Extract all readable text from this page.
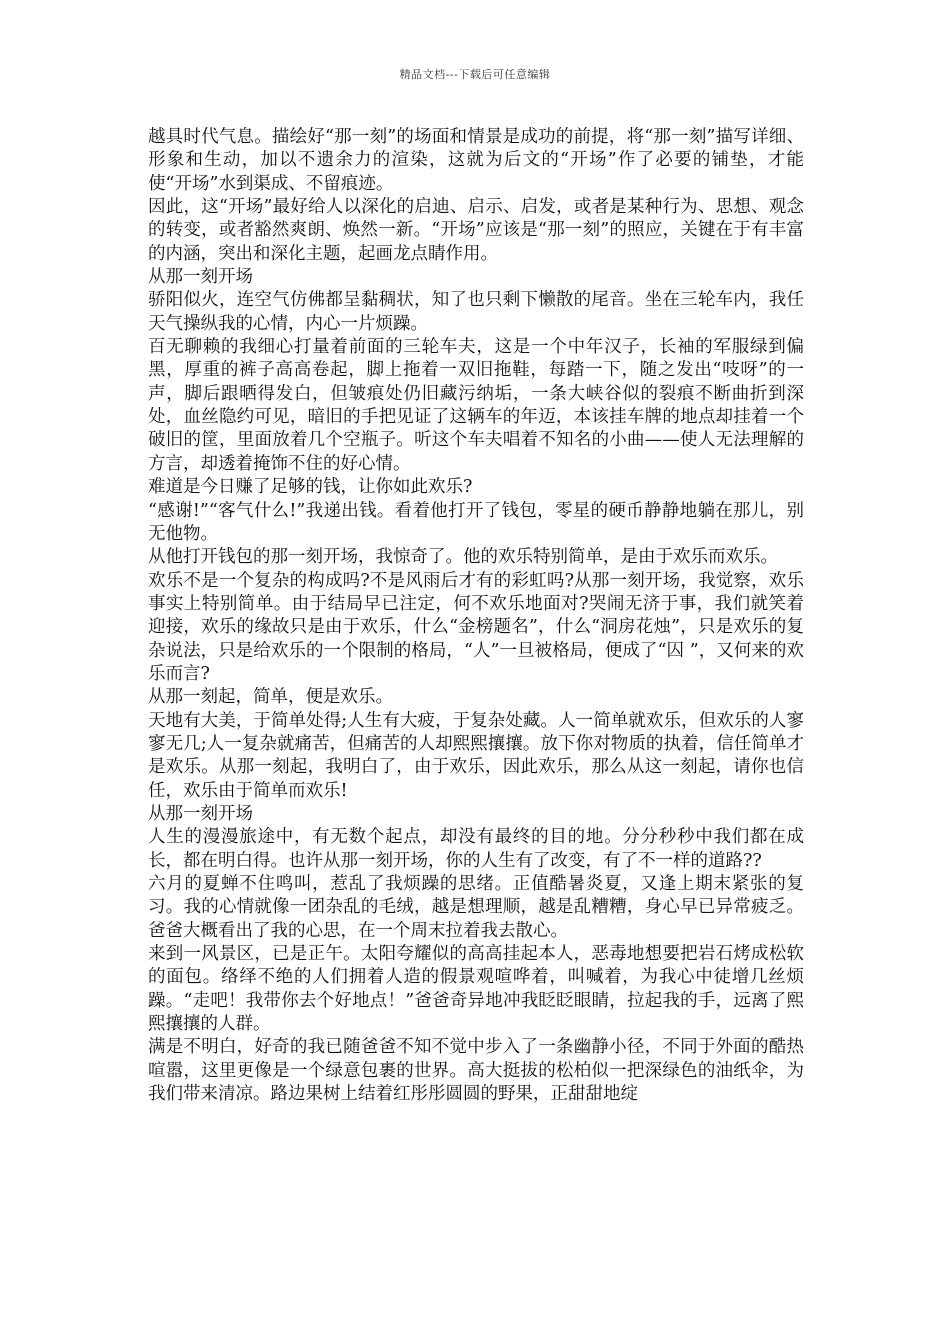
精品文档---下载后可任意编辑

越具时代气息。描绘好“那一刻”的场面和情景是成功的前提，将“那一刻”描写详细、形象和生动，加以不遗余力的渲染，这就为后文的“开场”作了必要的铺垫，才能使“开场”水到渠成、不留痕迹。

因此，这“开场”最好给人以深化的启迪、启示、启发，或者是某种行为、思想、观念的转变，或者豁然爽朗、焕然一新。“开场”应该是“那一刻”的照应，关键在于有丰富的内涵，突出和深化主题，起画龙点睛作用。

从那一刻开场

骄阳似火，连空气仿佛都呈黏稠状，知了也只剩下懒散的尾音。坐在三轮车内，我任天气操纵我的心情，内心一片烦躁。

百无聊赖的我细心打量着前面的三轮车夫，这是一个中年汉子，长袖的军服绿到偏黑，厚重的裤子高高卷起，脚上拖着一双旧拖鞋，每踏一下，随之发出“吱呀”的一声，脚后跟晒得发白，但皱痕处仍旧藏污纳垢，一条大峡谷似的裂痕不断曲折到深处，血丝隐约可见，暗旧的手把见证了这辆车的年迈，本该挂车牌的地点却挂着一个破旧的筐，里面放着几个空瓶子。听这个车夫唱着不知名的小曲——使人无法理解的方言，却透着掩饰不住的好心情。

难道是今日赚了足够的钱，让你如此欢乐?

“感谢!”“客气什么!”我递出钱。看着他打开了钱包，零星的硬币静静地躺在那儿，别无他物。

从他打开钱包的那一刻开场，我惊奇了。他的欢乐特别简单，是由于欢乐而欢乐。

欢乐不是一个复杂的构成吗?不是风雨后才有的彩虹吗?从那一刻开场，我觉察，欢乐事实上特别简单。由于结局早已注定，何不欢乐地面对?哭闹无济于事，我们就笑着迎接，欢乐的缘故只是由于欢乐，什么“金榜题名”，什么“洞房花烛”，只是欢乐的复杂说法，只是给欢乐的一个限制的格局，“人”一旦被格局，便成了“囚 ”，又何来的欢乐而言?

从那一刻起，简单，便是欢乐。

天地有大美，于简单处得;人生有大疲，于复杂处藏。人一简单就欢乐，但欢乐的人寥寥无几;人一复杂就痛苦，但痛苦的人却熙熙攘攘。放下你对物质的执着，信任简单才是欢乐。从那一刻起，我明白了，由于欢乐，因此欢乐，那么从这一刻起，请你也信任，欢乐由于简单而欢乐!

从那一刻开场

人生的漫漫旅途中，有无数个起点，却没有最终的目的地。分分秒秒中我们都在成长，都在明白得。也许从那一刻开场，你的人生有了改变，有了不一样的道路??

六月的夏蝉不住鸣叫，惹乱了我烦躁的思绪。正值酷暑炎夏，又逢上期末紧张的复习。我的心情就像一团杂乱的毛绒，越是想理顺，越是乱糟糟，身心早已异常疲乏。爸爸大概看出了我的心思，在一个周末拉着我去散心。

来到一风景区，已是正午。太阳夸耀似的高高挂起本人，恶毒地想要把岩石烤成松软的面包。络绎不绝的人们拥着人造的假景观喧哗着，叫喊着，为我心中徒增几丝烦躁。“走吧！我带你去个好地点！”爸爸奇异地冲我眨眨眼睛，拉起我的手，远离了熙熙攘攘的人群。

满是不明白，好奇的我已随爸爸不知不觉中步入了一条幽静小径，不同于外面的酷热喧嚣，这里更像是一个绿意包裹的世界。高大挺拔的松柏似一把深绿色的油纸伞，为我们带来清凉。路边果树上结着红彤彤圆圆的野果，正甜甜地绽
